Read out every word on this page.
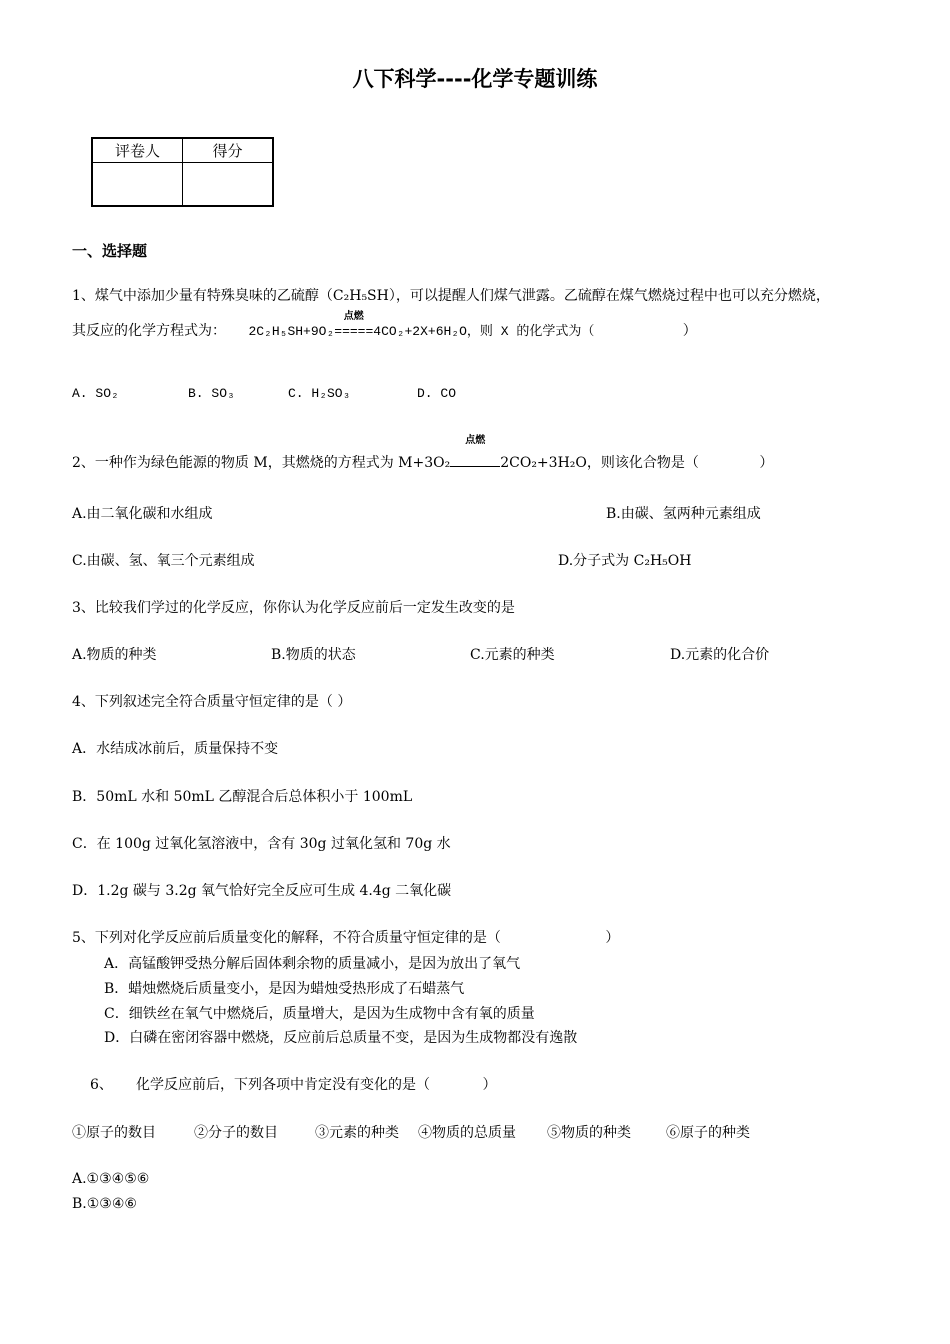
八下科学----化学专题训练
评卷人	得分

一、选择题
1、煤气中添加少量有特殊臭味的乙硫醇（C₂H₅SH），可以提醒人们煤气泄露。乙硫醇在煤气燃烧过程中也可以充分燃烧，
其反应的化学方程式为： 2C₂H₅SH+9O₂
点燃
=====4CO₂+2X+6H₂O，则 X 的化学式为（	）
A. SO₂	B. SO₃	C. H₂SO₃	D. CO
2、一种作为绿色能源的物质 M，其燃烧的方程式为 M+3O₂
点燃
2CO₂+3H₂O，则该化合物是（	）
A.由二氧化碳和水组成	B.由碳、氢两种元素组成
C.由碳、氢、氧三个元素组成	D.分子式为 C₂H₅OH
3、比较我们学过的化学反应，你你认为化学反应前后一定发生改变的是
A.物质的种类	B.物质的状态	C.元素的种类	D.元素的化合价
4、下列叙述完全符合质量守恒定律的是（ ）
A．水结成冰前后，质量保持不变
B．50mL 水和 50mL 乙醇混合后总体积小于 100mL
C．在 100g 过氧化氢溶液中，含有 30g 过氧化氢和 70g 水
D．1.2g 碳与 3.2g 氧气恰好完全反应可生成 4.4g 二氧化碳
5、下列对化学反应前后质量变化的解释，不符合质量守恒定律的是（	）
A．高锰酸钾受热分解后固体剩余物的质量减小，是因为放出了氧气
B．蜡烛燃烧后质量变小，是因为蜡烛受热形成了石蜡蒸气
C．细铁丝在氧气中燃烧后，质量增大，是因为生成物中含有氧的质量
D．白磷在密闭容器中燃烧，反应前后总质量不变，是因为生成物都没有逸散
6、 化学反应前后，下列各项中肯定没有变化的是（	）
①原子的数目	②分子的数目	③元素的种类 ④物质的总质量 ⑤物质的种类	⑥原子的种类
A.①③④⑤⑥
B.①③④⑥
